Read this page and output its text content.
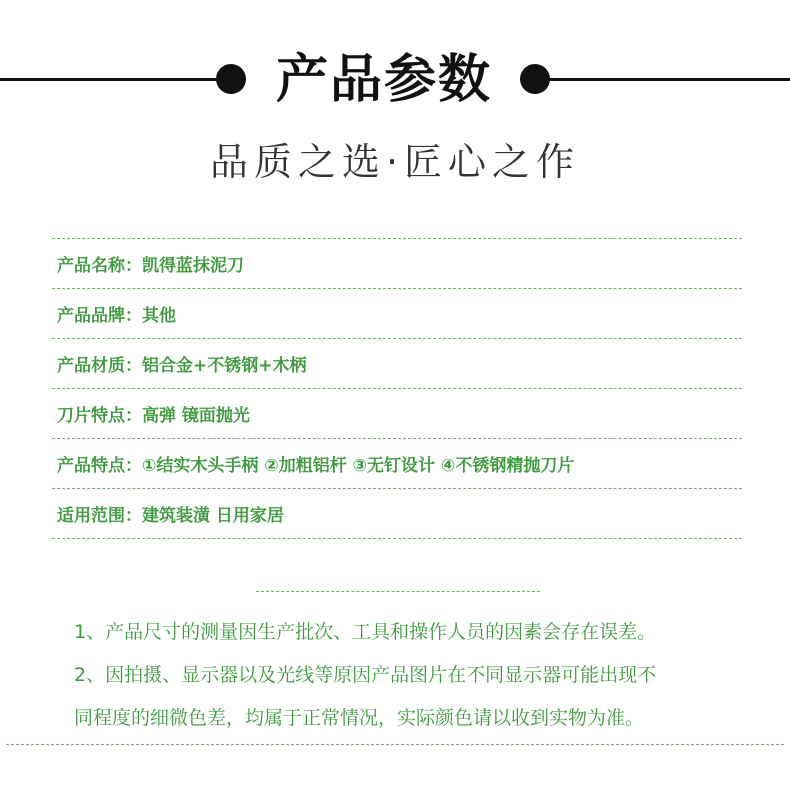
产品参数
品质之选·匠心之作
产品名称： 凯得蓝抹泥刀
产品品牌： 其他
产品材质： 铝合金+不锈钢+木柄
刀片特点： 高弹 镜面抛光
产品特点： ①结实木头手柄 ②加粗铝杆 ③无钉设计 ④不锈钢精抛刀片
适用范围： 建筑装潢 日用家居

1、产品尺寸的测量因生产批次、工具和操作人员的因素会存在误差。

2、因拍摄、显示器以及光线等原因产品图片在不同显示器可能出现不

同程度的细微色差，均属于正常情况，实际颜色请以收到实物为准。
